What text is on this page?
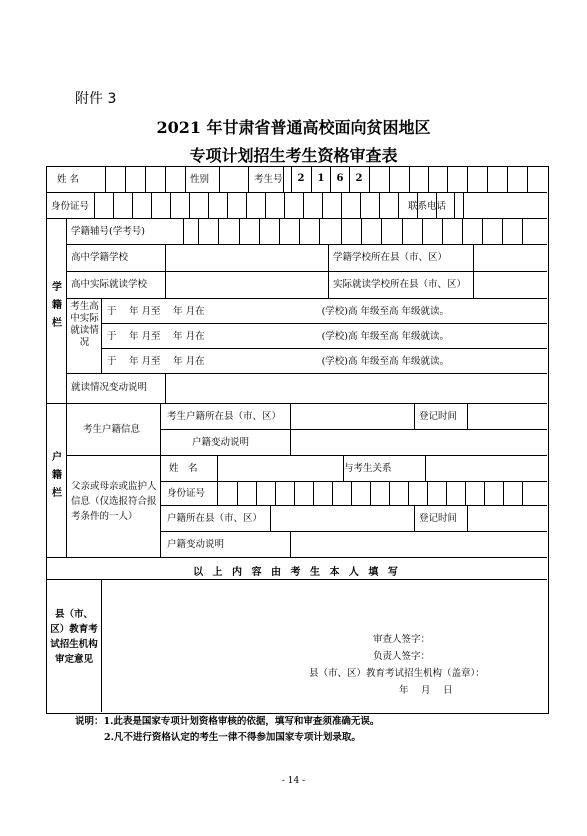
附件 3
2021 年甘肃省普通高校面向贫困地区
专项计划招生考生资格审查表
姓 名	性别	考生号	2	1	6	2
身份证号	联系电话
学籍栏
学籍辅号(学考号)
高中学籍学校	学籍学校所在县（市、区）
高中实际就读学校	实际就读学校所在县（市、区）
考生高中实际就读情况
于　 年 月至　 年 月在　　　　　　　　　　　　 (学校)高 年级至高 年级就读。
于　 年 月至　 年 月在　　　　　　　　　　　　 (学校)高 年级至高 年级就读。
于　 年 月至　 年 月在　　　　　　　　　　　　 (学校)高 年级至高 年级就读。
就读情况变动说明
户籍栏
考生户籍信息
考生户籍所在县（市、区）	登记时间
户籍变动说明
父亲或母亲或监护人信息（仅选报符合报考条件的一人）
姓　名	与考生关系
身份证号
户籍所在县（市、区）	登记时间
户籍变动说明
以 上 内 容 由 考 生 本 人 填 写
县（市、区）教育考试招生机构审定意见
审查人签字：
负责人签字：
县（市、区）教育考试招生机构（盖章）：
年　 月　 日
说明：1.此表是国家专项计划资格审核的依据，填写和审查须准确无误。
2.凡不进行资格认定的考生一律不得参加国家专项计划录取。
- 14 -
